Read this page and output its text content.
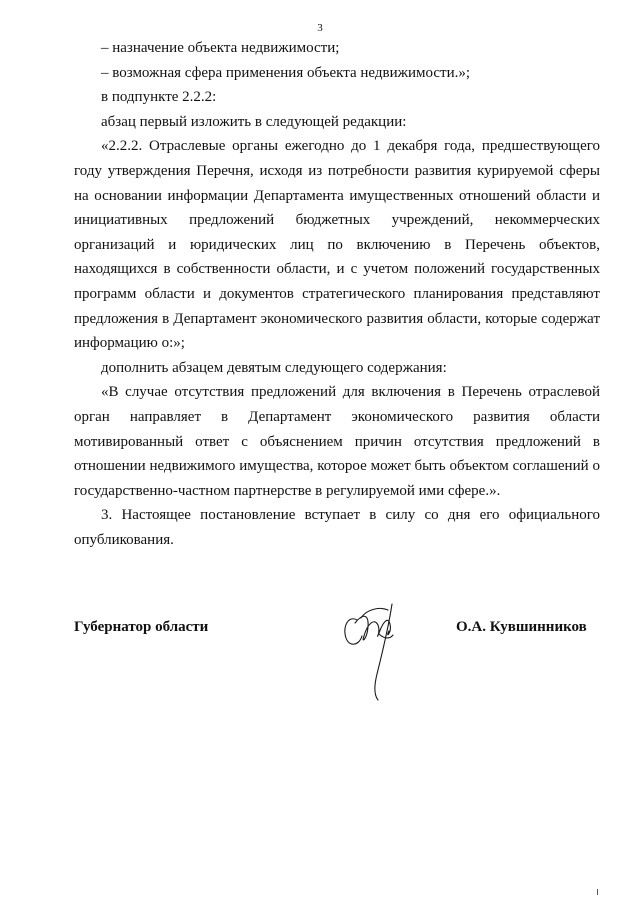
3

– назначение объекта недвижимости;

– возможная сфера применения объекта недвижимости.»;

в подпункте 2.2.2:

абзац первый изложить в следующей редакции:

«2.2.2. Отраслевые органы ежегодно до 1 декабря года, предшествующего году утверждения Перечня, исходя из потребности развития курируемой сферы на основании информации Департамента имущественных отношений области и инициативных предложений бюджетных учреждений, некоммерческих организаций и юридических лиц по включению в Перечень объектов, находящихся в собственности области, и с учетом положений государственных программ области и документов стратегического планирования представляют предложения в Департамент экономического развития области, которые содержат информацию о:»;

дополнить абзацем девятым следующего содержания:

«В случае отсутствия предложений для включения в Перечень отраслевой орган направляет в Департамент экономического развития области мотивированный ответ с объяснением причин отсутствия предложений в отношении недвижимого имущества, которое может быть объектом соглашений о государственно-частном партнерстве в регулируемой ими сфере.».

3. Настоящее постановление вступает в силу со дня его официального опубликования.

Губернатор области	О.А. Кувшинников
